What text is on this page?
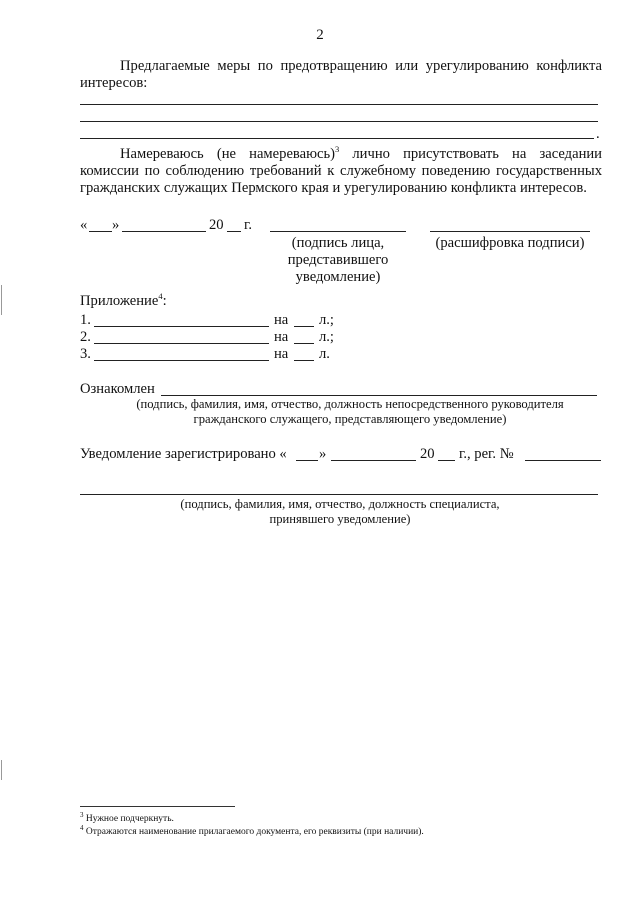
2
Предлагаемые меры по предотвращению или урегулированию конфликта интересов:
.
Намереваюсь (не намереваюсь)$^3$ лично присутствовать на заседании комиссии по соблюдению требований к служебному поведению государственных гражданских служащих Пермского края и урегулированию конфликта интересов.
« »	20 г.
(подпись лица, представившего уведомление)
(расшифровка подписи)
Приложение$^4$:
1.	на л.;
2.	на л.;
3.	на л.
Ознакомлен
(подпись, фамилия, имя, отчество, должность непосредственного руководителя гражданского служащего, представляющего уведомление)
Уведомление зарегистрировано « »	20 г., рег. №
(подпись, фамилия, имя, отчество, должность специалиста, принявшего уведомление)
$^3$ Нужное подчеркнуть.
$^4$ Отражаются наименование прилагаемого документа, его реквизиты (при наличии).
